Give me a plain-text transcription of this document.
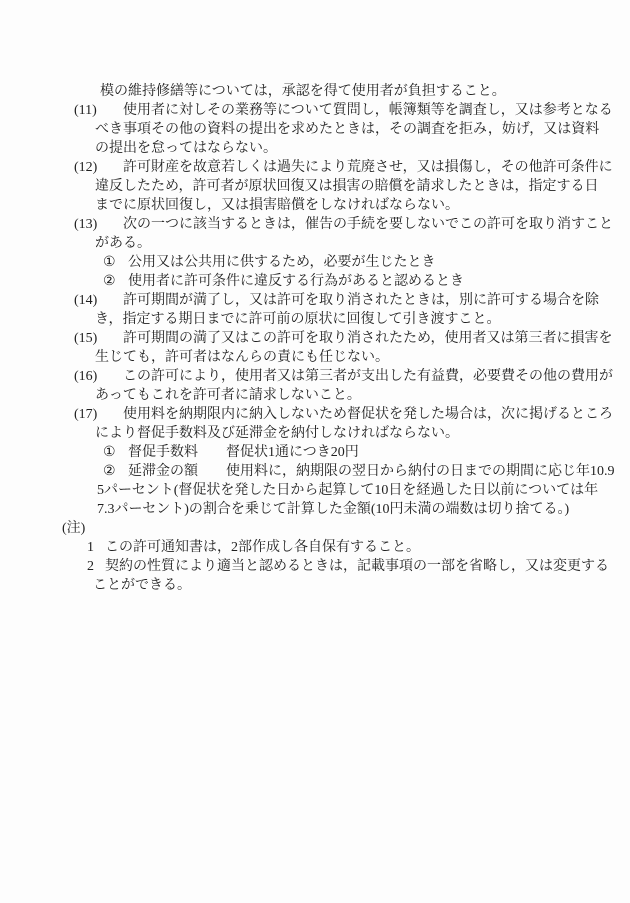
模の維持修繕等については，承認を得て使用者が負担すること。
(11) 使用者に対しその業務等について質問し，帳簿類等を調査し，又は参考となる
べき事項その他の資料の提出を求めたときは，その調査を拒み，妨げ，又は資料
の提出を怠ってはならない。
(12) 許可財産を故意若しくは過失により荒廃させ，又は損傷し，その他許可条件に
違反したため，許可者が原状回復又は損害の賠償を請求したときは，指定する日
までに原状回復し，又は損害賠償をしなければならない。
(13) 次の一つに該当するときは，催告の手続を要しないでこの許可を取り消すこと
がある。
① 公用又は公共用に供するため，必要が生じたとき
② 使用者に許可条件に違反する行為があると認めるとき
(14) 許可期間が満了し，又は許可を取り消されたときは，別に許可する場合を除
き，指定する期日までに許可前の原状に回復して引き渡すこと。
(15) 許可期間の満了又はこの許可を取り消されたため，使用者又は第三者に損害を
生じても，許可者はなんらの責にも任じない。
(16) この許可により，使用者又は第三者が支出した有益費，必要費その他の費用が
あってもこれを許可者に請求しないこと。
(17) 使用料を納期限内に納入しないため督促状を発した場合は，次に掲げるところ
により督促手数料及び延滞金を納付しなければならない。
① 督促手数料　　督促状1通につき20円
② 延滞金の額　　使用料に，納期限の翌日から納付の日までの期間に応じ年10.9
5パーセント(督促状を発した日から起算して10日を経過した日以前については年
7.3パーセント)の割合を乗じて計算した金額(10円未満の端数は切り捨てる。)
(注)
1 この許可通知書は，2部作成し各自保有すること。
2 契約の性質により適当と認めるときは，記載事項の一部を省略し，又は変更する
ことができる。
